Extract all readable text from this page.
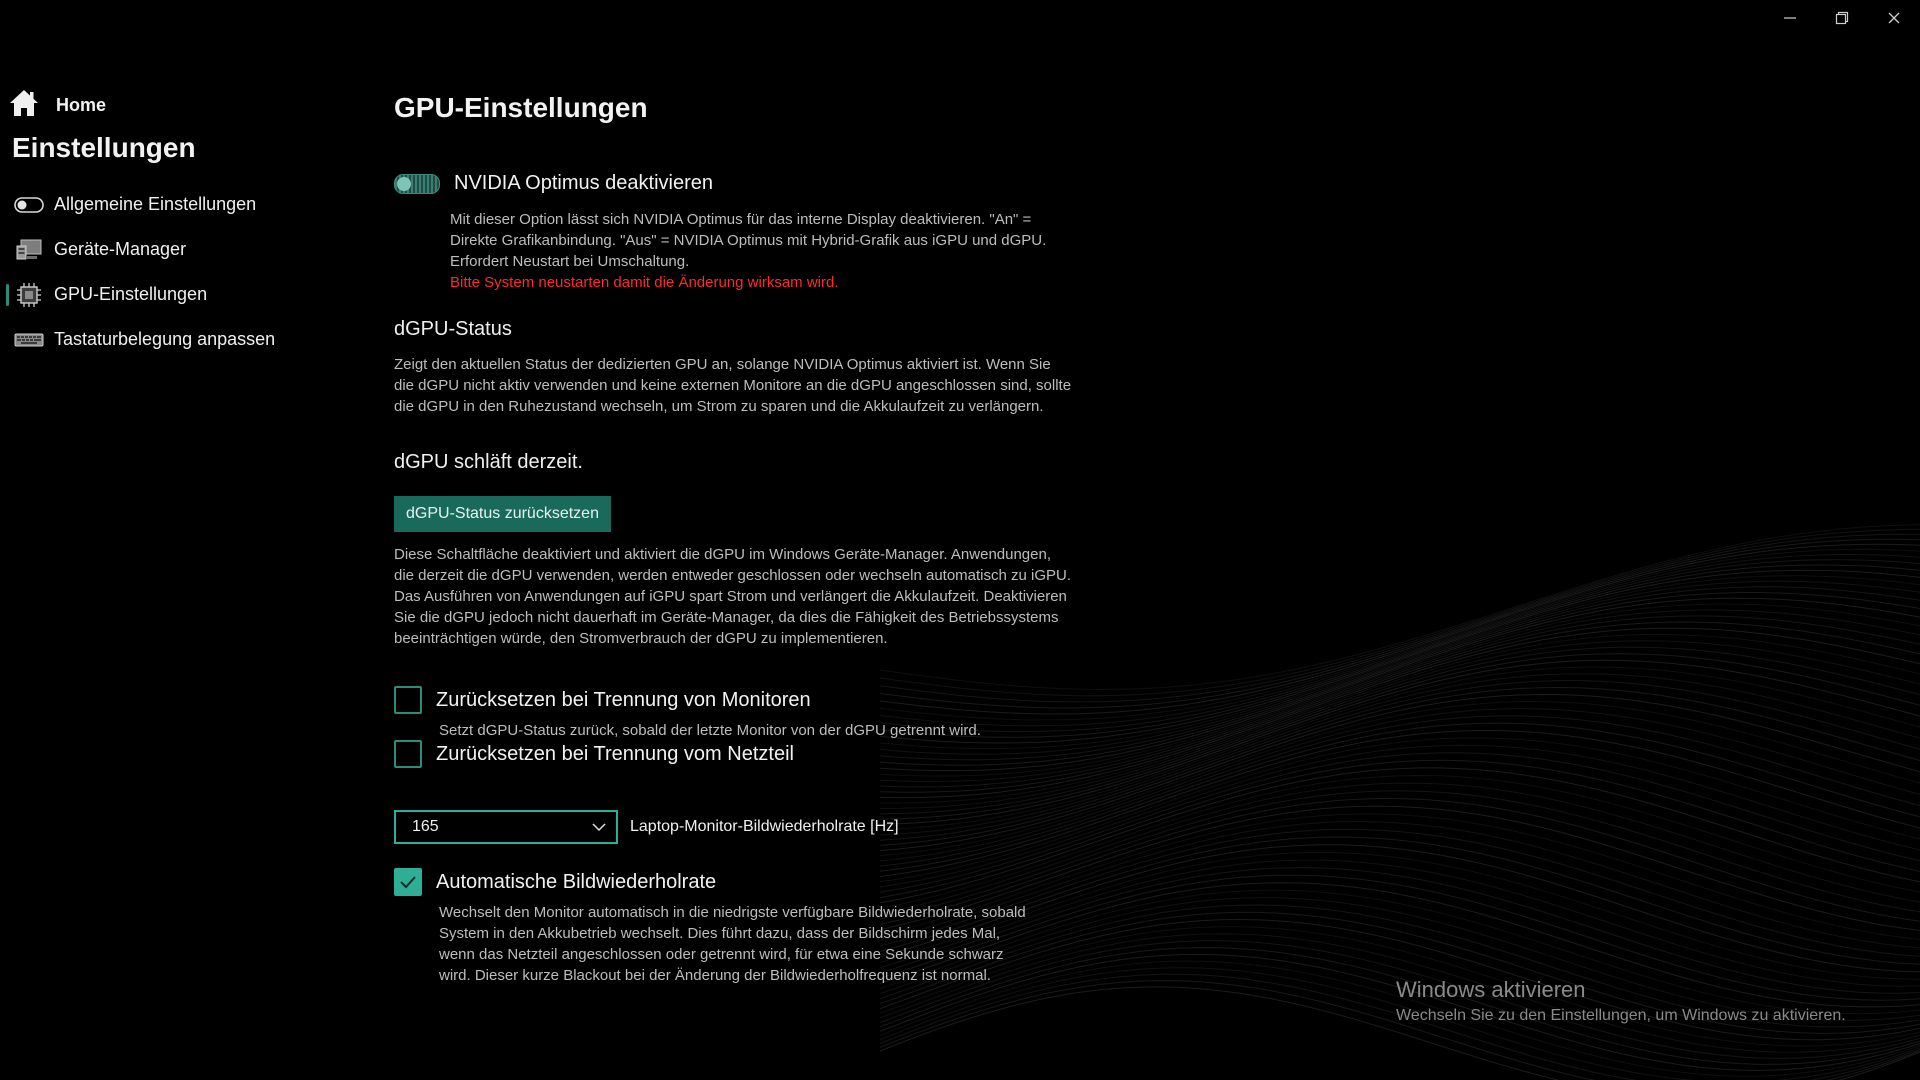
Home
Einstellungen
Allgemeine Einstellungen
Geräte-Manager
GPU-Einstellungen
Tastaturbelegung anpassen
GPU-Einstellungen
NVIDIA Optimus deaktivieren
Mit dieser Option lässt sich NVIDIA Optimus für das interne Display deaktivieren. "An" = Direkte Grafikanbindung. "Aus" = NVIDIA Optimus mit Hybrid-Grafik aus iGPU und dGPU. Erfordert Neustart bei Umschaltung.
Bitte System neustarten damit die Änderung wirksam wird.
dGPU-Status
Zeigt den aktuellen Status der dedizierten GPU an, solange NVIDIA Optimus aktiviert ist. Wenn Sie die dGPU nicht aktiv verwenden und keine externen Monitore an die dGPU angeschlossen sind, sollte die dGPU in den Ruhezustand wechseln, um Strom zu sparen und die Akkulaufzeit zu verlängern.
dGPU schläft derzeit.
dGPU-Status zurücksetzen
Diese Schaltfläche deaktiviert und aktiviert die dGPU im Windows Geräte-Manager. Anwendungen, die derzeit die dGPU verwenden, werden entweder geschlossen oder wechseln automatisch zu iGPU. Das Ausführen von Anwendungen auf iGPU spart Strom und verlängert die Akkulaufzeit. Deaktivieren Sie die dGPU jedoch nicht dauerhaft im Geräte-Manager, da dies die Fähigkeit des Betriebssystems beeinträchtigen würde, den Stromverbrauch der dGPU zu implementieren.
Zurücksetzen bei Trennung von Monitoren
Setzt dGPU-Status zurück, sobald der letzte Monitor von der dGPU getrennt wird.
Zurücksetzen bei Trennung vom Netzteil
165	Laptop-Monitor-Bildwiederholrate [Hz]
Automatische Bildwiederholrate
Wechselt den Monitor automatisch in die niedrigste verfügbare Bildwiederholrate, sobald System in den Akkubetrieb wechselt. Dies führt dazu, dass der Bildschirm jedes Mal, wenn das Netzteil angeschlossen oder getrennt wird, für etwa eine Sekunde schwarz wird. Dieser kurze Blackout bei der Änderung der Bildwiederholfrequenz ist normal.
Windows aktivieren
Wechseln Sie zu den Einstellungen, um Windows zu aktivieren.
